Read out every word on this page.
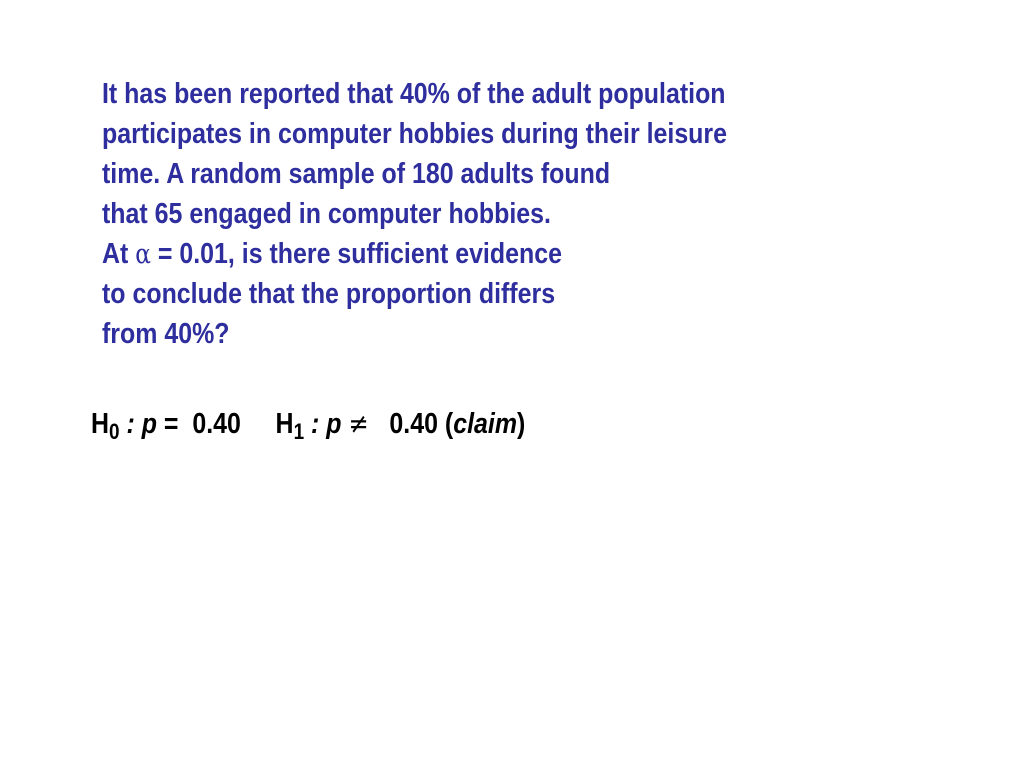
It has been reported that 40% of the adult population
participates in computer hobbies during their leisure
time. A random sample of 180 adults found
that 65 engaged in computer hobbies.
At α = 0.01, is there sufficient evidence
to conclude that the proportion differs
from 40%?
$H_0$ : p = 0.40 $H_1$ : p ≠ 0.40 (claim)
